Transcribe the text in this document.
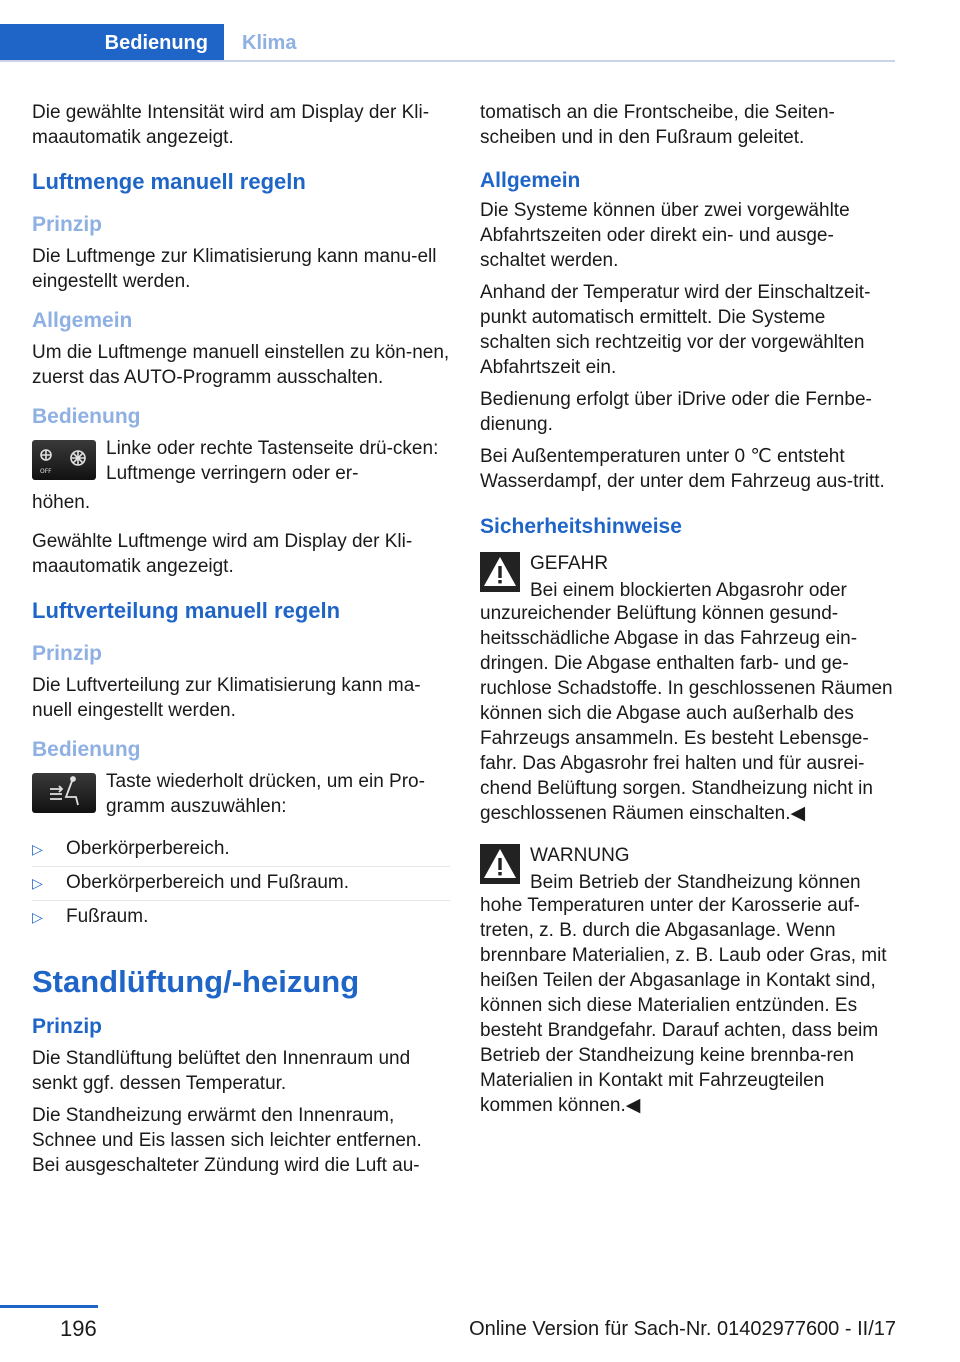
Bedienung	Klima

Die gewählte Intensität wird am Display der Kli‐maautomatik angezeigt.

Luftmenge manuell regeln
Prinzip

Die Luftmenge zur Klimatisierung kann manu‐ell eingestellt werden.

Allgemein

Um die Luftmenge manuell einstellen zu kön‐nen, zuerst das AUTO-Programm ausschalten.

Bedienung
OFF
Linke oder rechte Tastenseite drü‐cken: Luftmenge verringern oder er‐

höhen.

Gewählte Luftmenge wird am Display der Kli‐maautomatik angezeigt.

Luftverteilung manuell regeln
Prinzip

Die Luftverteilung zur Klimatisierung kann ma‐nuell eingestellt werden.

Bedienung
Taste wiederholt drücken, um ein Pro‐gramm auszuwählen:
▷	Oberkörperbereich.
▷	Oberkörperbereich und Fußraum.
▷	Fußraum.
Standlüftung/-heizung
Prinzip

Die Standlüftung belüftet den Innenraum und senkt ggf. dessen Temperatur.

Die Standheizung erwärmt den Innenraum, Schnee und Eis lassen sich leichter entfernen. Bei ausgeschalteter Zündung wird die Luft au‐

tomatisch an die Frontscheibe, die Seiten‐scheiben und in den Fußraum geleitet.

Allgemein

Die Systeme können über zwei vorgewählte Abfahrtszeiten oder direkt ein- und ausge‐schaltet werden.

Anhand der Temperatur wird der Einschaltzeit‐punkt automatisch ermittelt. Die Systeme schalten sich rechtzeitig vor der vorgewählten Abfahrtszeit ein.

Bedienung erfolgt über iDrive oder die Fernbe‐dienung.

Bei Außentemperaturen unter 0 ℃ entsteht Wasserdampf, der unter dem Fahrzeug aus‐tritt.

Sicherheitshinweise
GEFAHR
Bei einem blockierten Abgasrohr oder

unzureichender Belüftung können gesund‐heitsschädliche Abgase in das Fahrzeug ein‐dringen. Die Abgase enthalten farb- und ge‐ruchlose Schadstoffe. In geschlossenen Räumen können sich die Abgase auch außerhalb des Fahrzeugs ansammeln. Es besteht Lebensge‐fahr. Das Abgasrohr frei halten und für ausrei‐chend Belüftung sorgen. Standheizung nicht in geschlossenen Räumen einschalten.◀

WARNUNG
Beim Betrieb der Standheizung können

hohe Temperaturen unter der Karosserie auf‐treten, z. B. durch die Abgasanlage. Wenn brennbare Materialien, z. B. Laub oder Gras, mit heißen Teilen der Abgasanlage in Kontakt sind, können sich diese Materialien entzünden. Es besteht Brandgefahr. Darauf achten, dass beim Betrieb der Standheizung keine brennba‐ren Materialien in Kontakt mit Fahrzeugteilen kommen können.◀

196	Online Version für Sach-Nr. 01402977600 - II/17
